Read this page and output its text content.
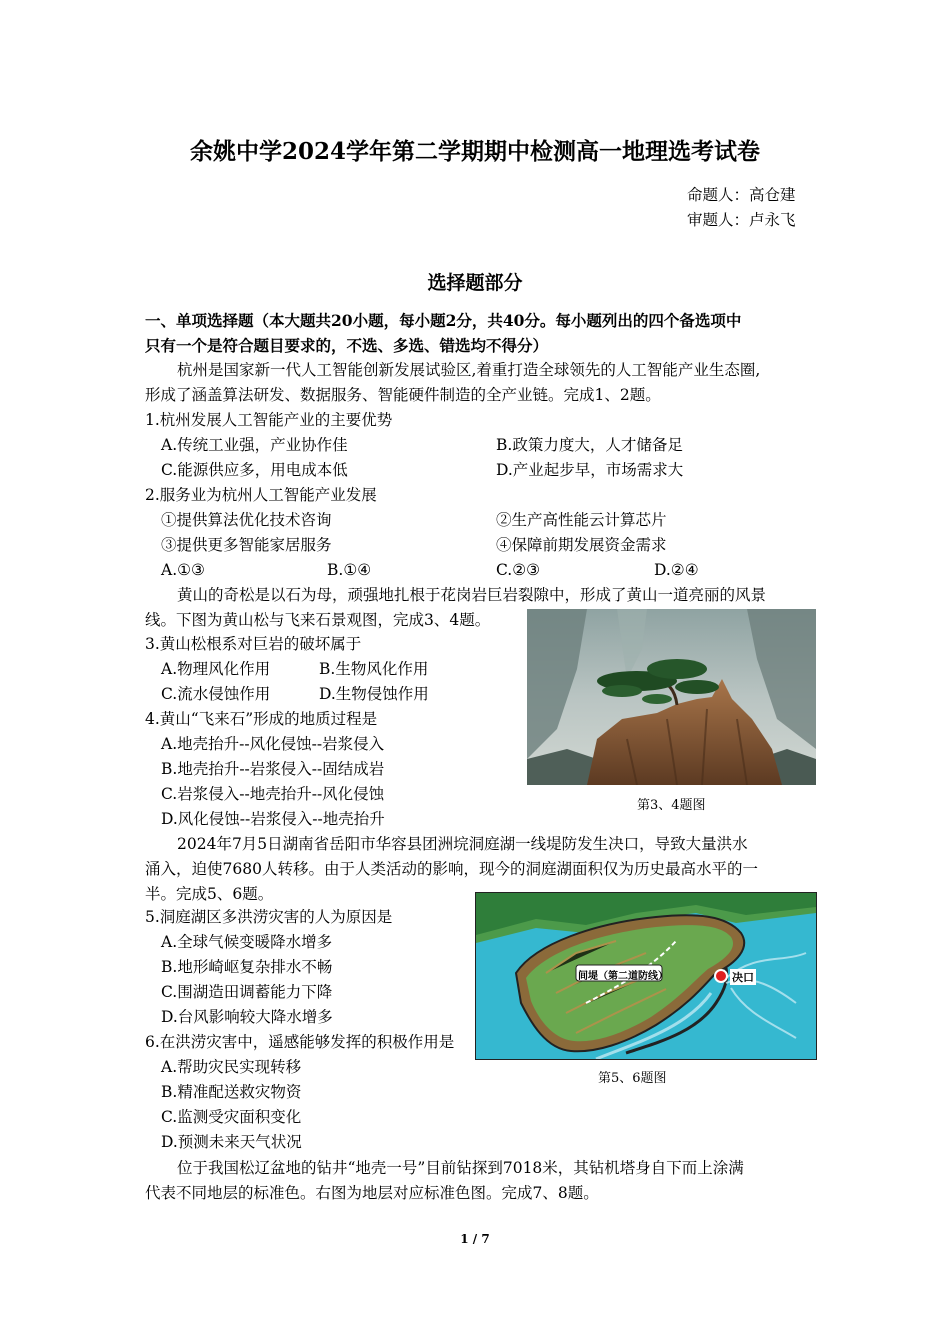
余姚中学2024学年第二学期期中检测高一地理选考试卷
命题人：高仓建
审题人：卢永飞
选择题部分
一、单项选择题（本大题共20小题，每小题2分，共40分。每小题列出的四个备选项中
只有一个是符合题目要求的，不选、多选、错选均不得分）
杭州是国家新一代人工智能创新发展试验区,着重打造全球领先的人工智能产业生态圈,
形成了涵盖算法研发、数据服务、智能硬件制造的全产业链。完成1、2题。
1.杭州发展人工智能产业的主要优势
A.传统工业强，产业协作佳	B.政策力度大，人才储备足
C.能源供应多，用电成本低	D.产业起步早，市场需求大
2.服务业为杭州人工智能产业发展
①提供算法优化技术咨询	②生产高性能云计算芯片
③提供更多智能家居服务	④保障前期发展资金需求
A.①③	B.①④	C.②③	D.②④
黄山的奇松是以石为母，顽强地扎根于花岗岩巨岩裂隙中，形成了黄山一道亮丽的风景
线。下图为黄山松与飞来石景观图，完成3、4题。
3.黄山松根系对巨岩的破坏属于
A.物理风化作用	B.生物风化作用
C.流水侵蚀作用	D.生物侵蚀作用
4.黄山“飞来石”形成的地质过程是
A.地壳抬升--风化侵蚀--岩浆侵入
B.地壳抬升--岩浆侵入--固结成岩
C.岩浆侵入--地壳抬升--风化侵蚀
D.风化侵蚀--岩浆侵入--地壳抬升
第3、4题图
2024年7月5日湖南省岳阳市华容县团洲垸洞庭湖一线堤防发生决口，导致大量洪水
涌入，迫使7680人转移。由于人类活动的影响，现今的洞庭湖面积仅为历史最高水平的一
半。完成5、6题。
5.洞庭湖区多洪涝灾害的人为原因是
A.全球气候变暖降水增多
B.地形崎岖复杂排水不畅
C.围湖造田调蓄能力下降
D.台风影响较大降水增多
6.在洪涝灾害中，遥感能够发挥的积极作用是
A.帮助灾民实现转移
B.精准配送救灾物资
C.监测受灾面积变化
D.预测未来天气状况
间堤（第二道防线）	决口
第5、6题图
位于我国松辽盆地的钻井“地壳一号”目前钻探到7018米，其钻机塔身自下而上涂满
代表不同地层的标准色。右图为地层对应标准色图。完成7、8题。
1 / 7
